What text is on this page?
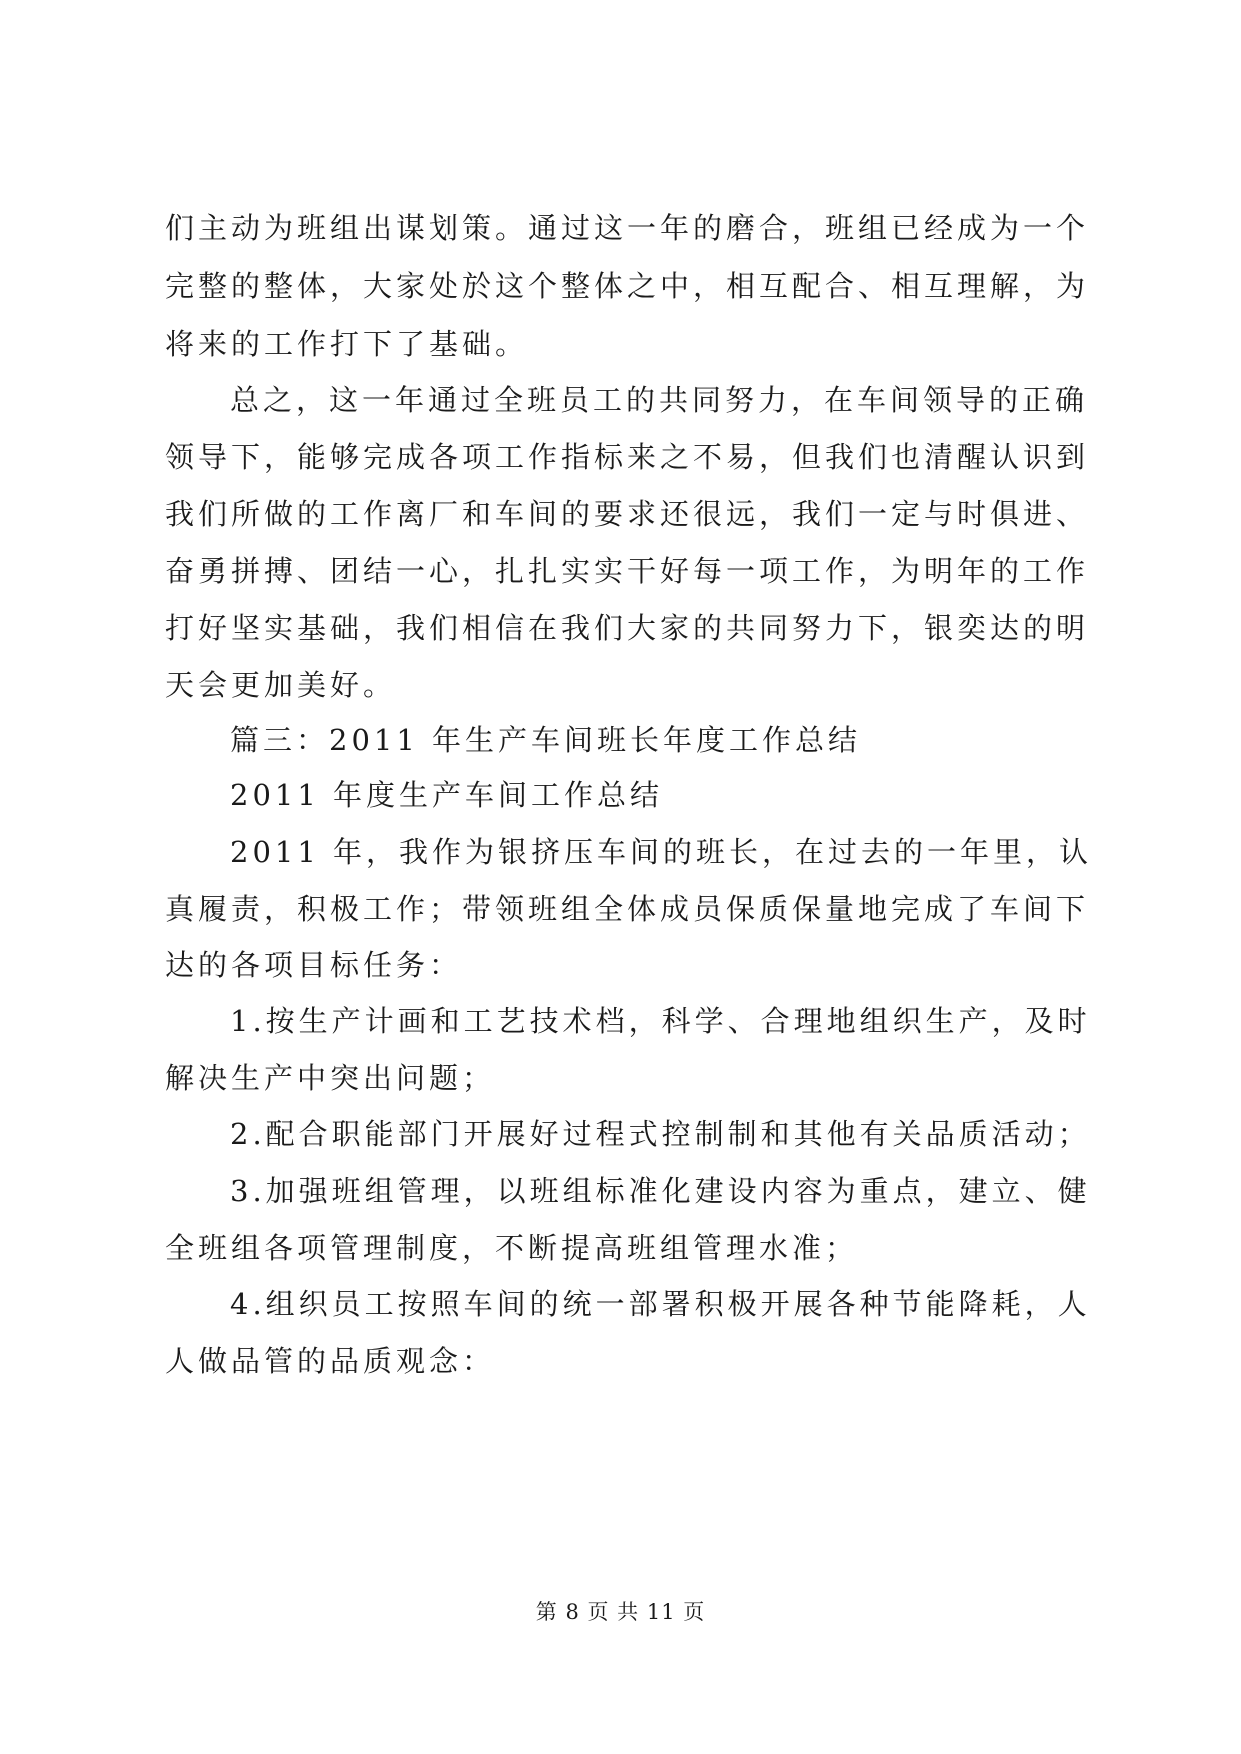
们主动为班组出谋划策。通过这一年的磨合，班组已经成为一个
完整的整体，大家处於这个整体之中，相互配合、相互理解，为
将来的工作打下了基础。
总之，这一年通过全班员工的共同努力，在车间领导的正确
领导下，能够完成各项工作指标来之不易，但我们也清醒认识到
我们所做的工作离厂和车间的要求还很远，我们一定与时俱进、
奋勇拼搏、团结一心，扎扎实实干好每一项工作，为明年的工作
打好坚实基础，我们相信在我们大家的共同努力下，银奕达的明
天会更加美好。
篇三：2011 年生产车间班长年度工作总结
2011 年度生产车间工作总结
2011 年，我作为银挤压车间的班长，在过去的一年里，认
真履责，积极工作；带领班组全体成员保质保量地完成了车间下
达的各项目标任务：
1.按生产计画和工艺技术档，科学、合理地组织生产，及时
解决生产中突出问题；
2.配合职能部门开展好过程式控制制和其他有关品质活动；
3.加强班组管理，以班组标准化建设内容为重点，建立、健
全班组各项管理制度，不断提高班组管理水准；
4.组织员工按照车间的统一部署积极开展各种节能降耗，人
人做品管的品质观念：
第 8 页 共 11 页
